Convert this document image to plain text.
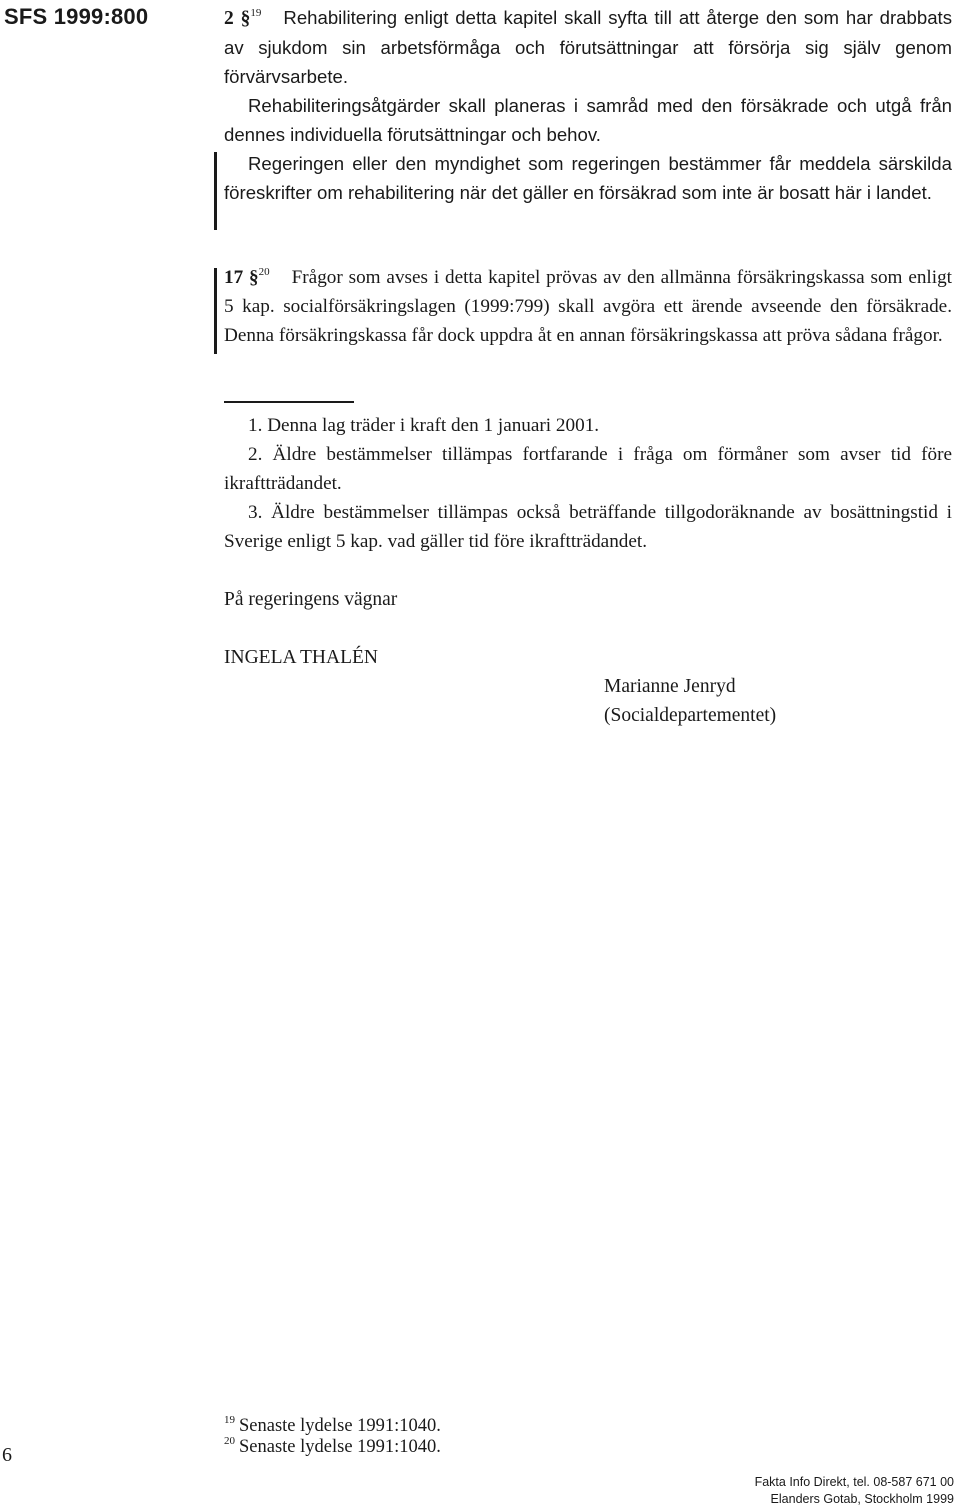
SFS 1999:800	2 §$^{19}$ Rehabilitering enligt detta kapitel skall syfta till att återge den som har drabbats av sjukdom sin arbetsförmåga och förutsättningar att försörja sig själv genom förvärvsarbete.

Rehabiliteringsåtgärder skall planeras i samråd med den försäkrade och utgå från dennes individuella förutsättningar och behov.

Regeringen eller den myndighet som regeringen bestämmer får meddela särskilda föreskrifter om rehabilitering när det gäller en försäkrad som inte är bosatt här i landet.

17 §$^{20}$ Frågor som avses i detta kapitel prövas av den allmänna försäkringskassa som enligt 5 kap. socialförsäkringslagen (1999:799) skall avgöra ett ärende avseende den försäkrade. Denna försäkringskassa får dock uppdra åt en annan försäkringskassa att pröva sådana frågor.

1. Denna lag träder i kraft den 1 januari 2001.

2. Äldre bestämmelser tillämpas fortfarande i fråga om förmåner som avser tid före ikraftträdandet.

3. Äldre bestämmelser tillämpas också beträffande tillgodoräknande av bosättningstid i Sverige enligt 5 kap. vad gäller tid före ikraftträdandet.

På regeringens vägnar
INGELA THALÉN
Marianne Jenryd
(Socialdepartementet)
$^{19}$ Senaste lydelse 1991:1040.
$^{20}$ Senaste lydelse 1991:1040.
6
Fakta Info Direkt, tel. 08-587 671 00
Elanders Gotab, Stockholm 1999
